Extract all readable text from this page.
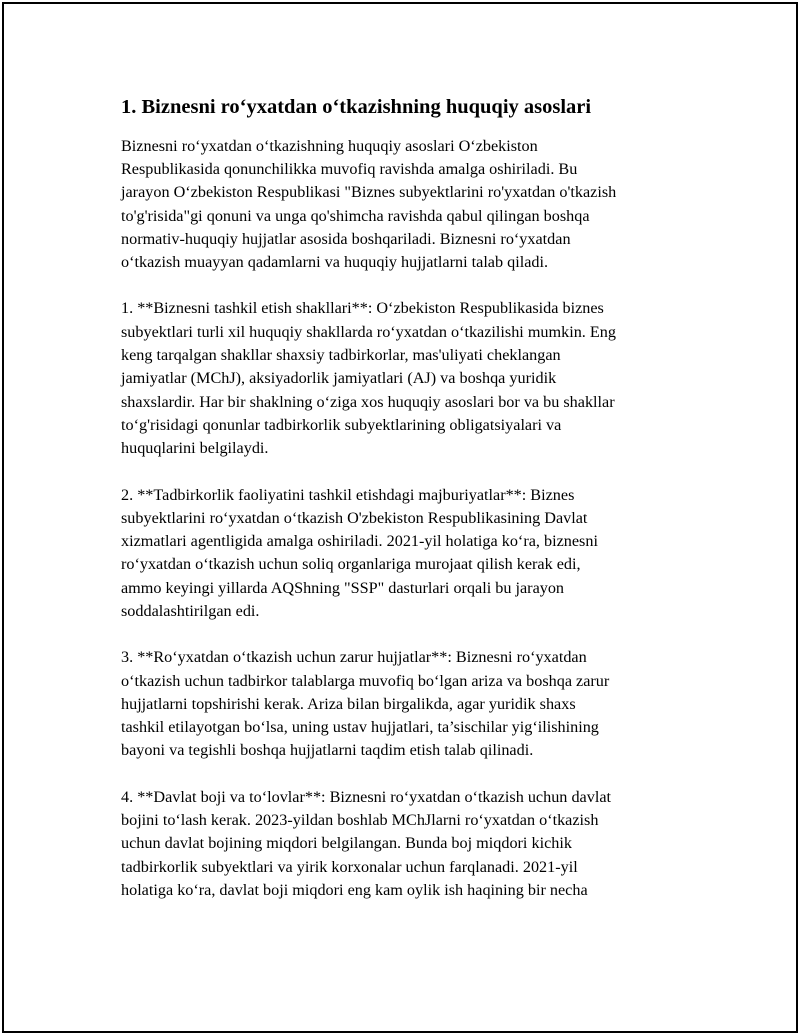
1. Biznesni roʻyxatdan oʻtkazishning huquqiy asoslari

Biznesni roʻyxatdan oʻtkazishning huquqiy asoslari Oʻzbekiston
Respublikasida qonunchilikka muvofiq ravishda amalga oshiriladi. Bu
jarayon Oʻzbekiston Respublikasi "Biznes subyektlarini ro'yxatdan o'tkazish
to'g'risida"gi qonuni va unga qo'shimcha ravishda qabul qilingan boshqa
normativ-huquqiy hujjatlar asosida boshqariladi. Biznesni roʻyxatdan
oʻtkazish muayyan qadamlarni va huquqiy hujjatlarni talab qiladi.

1. **Biznesni tashkil etish shakllari**: Oʻzbekiston Respublikasida biznes
subyektlari turli xil huquqiy shakllarda roʻyxatdan oʻtkazilishi mumkin. Eng
keng tarqalgan shakllar shaxsiy tadbirkorlar, mas'uliyati cheklangan
jamiyatlar (MChJ), aksiyadorlik jamiyatlari (AJ) va boshqa yuridik
shaxslardir. Har bir shaklning oʻziga xos huquqiy asoslari bor va bu shakllar
toʻg'risidagi qonunlar tadbirkorlik subyektlarining obligatsiyalari va
huquqlarini belgilaydi.

2. **Tadbirkorlik faoliyatini tashkil etishdagi majburiyatlar**: Biznes
subyektlarini roʻyxatdan oʻtkazish O'zbekiston Respublikasining Davlat
xizmatlari agentligida amalga oshiriladi. 2021-yil holatiga koʻra, biznesni
roʻyxatdan oʻtkazish uchun soliq organlariga murojaat qilish kerak edi,
ammo keyingi yillarda AQShning "SSP" dasturlari orqali bu jarayon
soddalashtirilgan edi.

3. **Roʻyxatdan oʻtkazish uchun zarur hujjatlar**: Biznesni roʻyxatdan
oʻtkazish uchun tadbirkor talablarga muvofiq boʻlgan ariza va boshqa zarur
hujjatlarni topshirishi kerak. Ariza bilan birgalikda, agar yuridik shaxs
tashkil etilayotgan boʻlsa, uning ustav hujjatlari, ta’sischilar yigʻilishining
bayoni va tegishli boshqa hujjatlarni taqdim etish talab qilinadi.

4. **Davlat boji va toʻlovlar**: Biznesni roʻyxatdan oʻtkazish uchun davlat
bojini toʻlash kerak. 2023-yildan boshlab MChJlarni roʻyxatdan oʻtkazish
uchun davlat bojining miqdori belgilangan. Bunda boj miqdori kichik
tadbirkorlik subyektlari va yirik korxonalar uchun farqlanadi. 2021-yil
holatiga koʻra, davlat boji miqdori eng kam oylik ish haqining bir necha
